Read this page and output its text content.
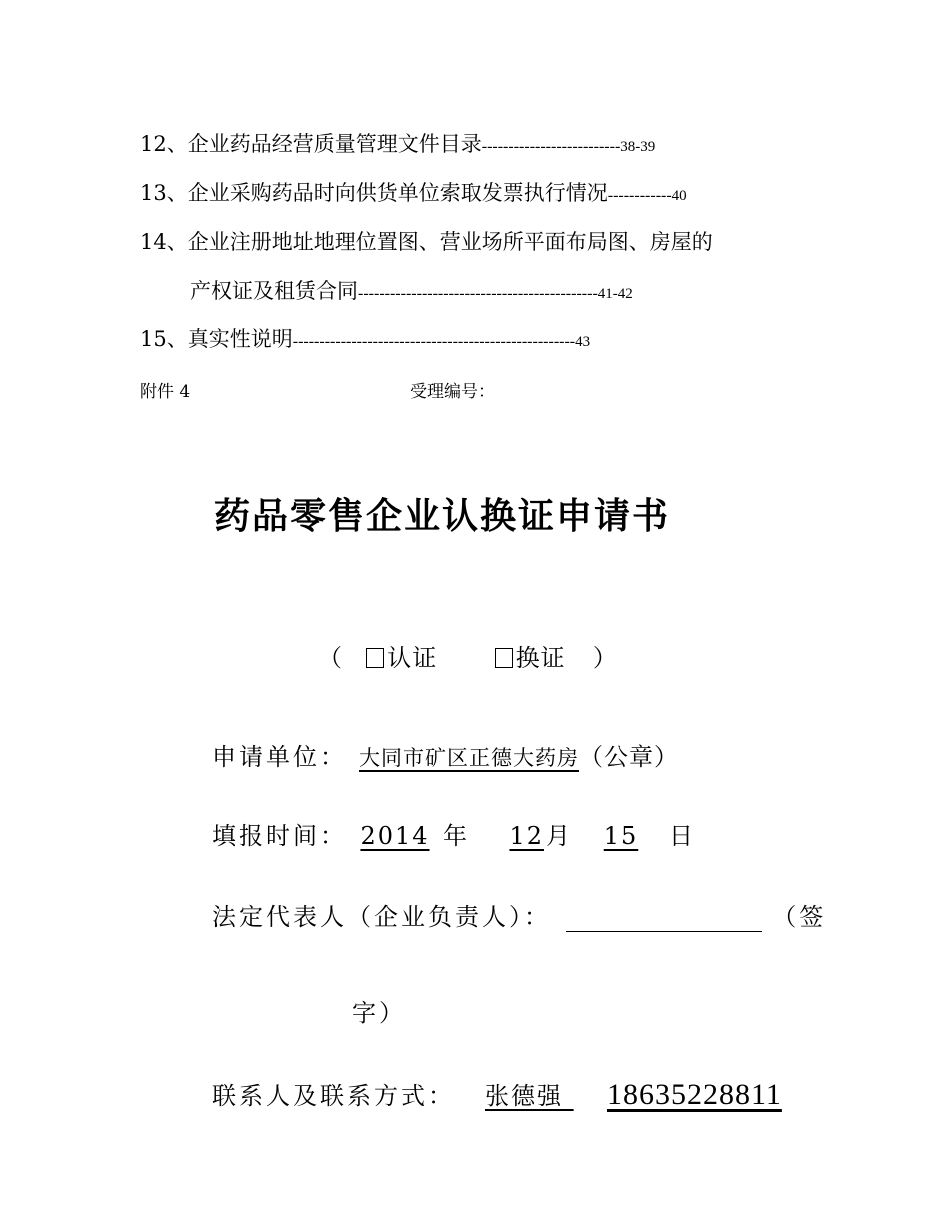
12、企业药品经营质量管理文件目录--------------------------38-39
13、企业采购药品时向供货单位索取发票执行情况------------40
14、企业注册地址地理位置图、营业场所平面布局图、房屋的
产权证及租赁合同---------------------------------------------41-42
15、真实性说明-----------------------------------------------------43
附件 4	受理编号：
药品零售企业认换证申请书
（ 认证	换证 ）
申请单位： 大同市矿区正德大药房（公章）
填报时间： 2014 年 12月 15 日
法定代表人（企业负责人）：	（签
字）
联系人及联系方式： 张德强 18635228811
